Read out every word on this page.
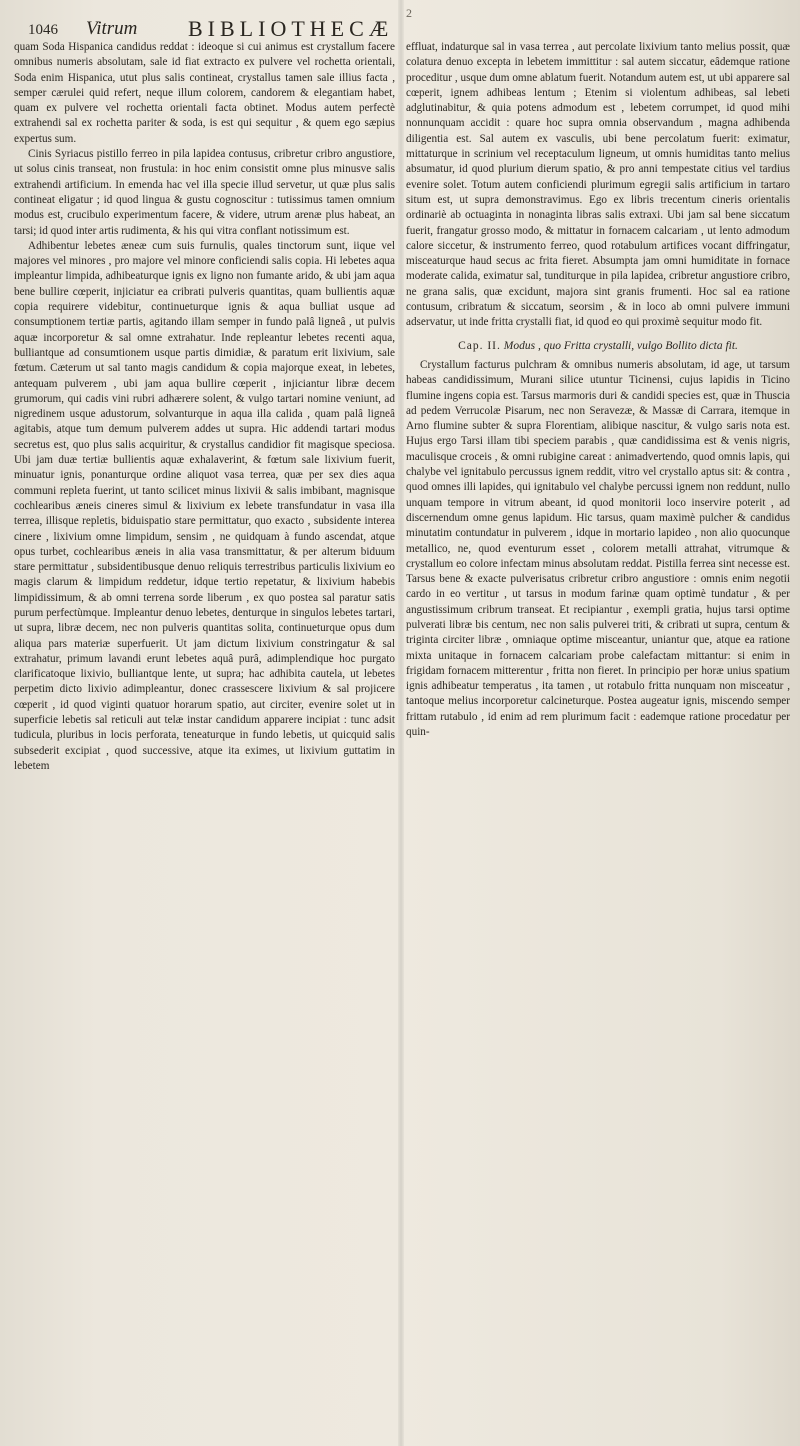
2
1046 Vitrum BIBLIOTHECÆ

quam Soda Hispanica candidus reddat : ideoque si cui animus est crystallum facere omnibus numeris absolutam, sale id fiat extracto ex pulvere vel rochetta orientali, Soda enim Hispanica, utut plus salis contineat, crystallus tamen sale illius facta , semper cærulei quid refert, neque illum colorem, candorem & elegantiam habet, quam ex pulvere vel rochetta orientali facta obtinet. Modus autem perfectè extrahendi sal ex rochetta pariter & soda, is est qui sequitur , & quem ego sæpius expertus sum.

Cinis Syriacus pistillo ferreo in pila lapidea contusus, cribretur cribro angustiore, ut solus cinis transeat, non frustula: in hoc enim consistit omne plus minusve salis extrahendi artificium. In emenda hac vel illa specie illud servetur, ut quæ plus salis contineat eligatur ; id quod lingua & gustu cognoscitur : tutissimus tamen omnium modus est, crucibulo experimentum facere, & videre, utrum arenæ plus habeat, an tarsi; id quod inter artis rudimenta, & his qui vitra conflant notissimum est.

Adhibentur lebetes æneæ cum suis furnulis, quales tinctorum sunt, iique vel majores vel minores , pro majore vel minore conficiendi salis copia. Hi lebetes aqua impleantur limpida, adhibeaturque ignis ex ligno non fumante arido, & ubi jam aqua bene bullire cœperit, injiciatur ea cribrati pulveris quantitas, quam bullientis aquæ copia requirere videbitur, continueturque ignis & aqua bulliat usque ad consumptionem tertiæ partis, agitando illam semper in fundo palâ ligneâ , ut pulvis aquæ incorporetur & sal omne extrahatur. Inde repleantur lebetes recenti aqua, bulliantque ad consumtionem usque partis dimidiæ, & paratum erit lixivium, sale fœtum. Cæterum ut sal tanto magis candidum & copia majorque exeat, in lebetes, antequam pulverem , ubi jam aqua bullire cœperit , injiciantur libræ decem grumorum, qui cadis vini rubri adhærere solent, & vulgo tartari nomine veniunt, ad nigredinem usque adustorum, solvanturque in aqua illa calida , quam palâ ligneâ agitabis, atque tum demum pulverem addes ut supra. Hic addendi tartari modus secretus est, quo plus salis acquiritur, & crystallus candidior fit magisque speciosa. Ubi jam duæ tertiæ bullientis aquæ exhalaverint, & fœtum sale lixivium fuerit, minuatur ignis, ponanturque ordine aliquot vasa terrea, quæ per sex dies aqua communi repleta fuerint, ut tanto scilicet minus lixivii & salis imbibant, magnisque cochlearibus æneis cineres simul & lixivium ex lebete transfundatur in vasa illa terrea, illisque repletis, biduispatio stare permittatur, quo exacto , subsidente interea cinere , lixivium omne limpidum, sensim , ne quidquam à fundo ascendat, atque opus turbet, cochlearibus æneis in alia vasa transmittatur, & per alterum biduum stare permittatur , subsidentibusque denuo reliquis terrestribus particulis lixivium eo magis clarum & limpidum reddetur, idque tertio repetatur, & lixivium habebis limpidissimum, & ab omni terrena sorde liberum , ex quo postea sal paratur satis purum perfectùmque. Impleantur denuo lebetes, denturque in singulos lebetes tartari, ut supra, libræ decem, nec non pulveris quantitas solita, continueturque opus dum aliqua pars materiæ superfuerit. Ut jam dictum lixivium constringatur & sal extrahatur, primum lavandi erunt lebetes aquâ purâ, adimplendique hoc purgato clarificatoque lixivio, bulliantque lente, ut supra; hac adhibita cautela, ut lebetes perpetim dicto lixivio adimpleantur, donec crassescere lixivium & sal projicere cœperit , id quod viginti quatuor horarum spatio, aut circiter, evenire solet ut in superficie lebetis sal reticuli aut telæ instar candidum apparere incipiat : tunc adsit tudicula, pluribus in locis perforata, teneaturque in fundo lebetis, ut quicquid salis subsederit excipiat , quod successive, atque ita eximes, ut lixivium guttatim in lebetem

effluat, indaturque sal in vasa terrea , aut percolate lixivium tanto melius possit, quæ colatura denuo excepta in lebetem immittitur : sal autem siccatur, eâdemque ratione proceditur , usque dum omne ablatum fuerit. Notandum autem est, ut ubi apparere sal cœperit, ignem adhibeas lentum ; Etenim si violentum adhibeas, sal lebeti adglutinabitur, & quia potens admodum est , lebetem corrumpet, id quod mihi nonnunquam accidit : quare hoc supra omnia observandum , magna adhibenda diligentia est. Sal autem ex vasculis, ubi bene percolatum fuerit: eximatur, mittaturque in scrinium vel receptaculum ligneum, ut omnis humiditas tanto melius absumatur, id quod plurium dierum spatio, & pro anni tempestate citius vel tardius evenire solet. Totum autem conficiendi plurimum egregii salis artificium in tartaro situm est, ut supra demonstravimus. Ego ex libris trecentum cineris orientalis ordinariè ab octuaginta in nonaginta libras salis extraxi. Ubi jam sal bene siccatum fuerit, frangatur grosso modo, & mittatur in fornacem calcariam , ut lento admodum calore siccetur, & instrumento ferreo, quod rotabulum artifices vocant diffringatur, misceaturque haud secus ac frita fieret. Absumpta jam omni humiditate in fornace moderate calida, eximatur sal, tunditurque in pila lapidea, cribretur angustiore cribro, ne grana salis, quæ excidunt, majora sint granis frumenti. Hoc sal ea ratione contusum, cribratum & siccatum, seorsim , & in loco ab omni pulvere immuni adservatur, ut inde fritta crystalli fiat, id quod eo qui proximè sequitur modo fit.

Cap. II. Modus , quo Fritta crystalli, vulgo Bollito dicta fit.

Crystallum facturus pulchram & omnibus numeris absolutam, id age, ut tarsum habeas candidissimum, Murani silice utuntur Ticinensi, cujus lapidis in Ticino flumine ingens copia est. Tarsus marmoris duri & candidi species est, quæ in Thuscia ad pedem Verrucolæ Pisarum, nec non Seravezæ, & Massæ di Carrara, itemque in Arno flumine subter & supra Florentiam, alibique nascitur, & vulgo saris nota est. Hujus ergo Tarsi illam tibi speciem parabis , quæ candidissima est & venis nigris, maculisque croceis , & omni rubigine careat : animadvertendo, quod omnis lapis, qui chalybe vel ignitabulo percussus ignem reddit, vitro vel crystallo aptus sit: & contra , quod omnes illi lapides, qui ignitabulo vel chalybe percussi ignem non reddunt, nullo unquam tempore in vitrum abeant, id quod monitorii loco inservire poterit , ad discernendum omne genus lapidum. Hic tarsus, quam maximè pulcher & candidus minutatim contundatur in pulverem , idque in mortario lapideo , non alio quocunque metallico, ne, quod eventurum esset , colorem metalli attrahat, vitrumque & crystallum eo colore infectam minus absolutam reddat. Pistilla ferrea sint necesse est. Tarsus bene & exacte pulverisatus cribretur cribro angustiore : omnis enim negotii cardo in eo vertitur , ut tarsus in modum farinæ quam optimè tundatur , & per angustissimum cribrum transeat. Et recipiantur , exempli gratia, hujus tarsi optime pulverati libræ bis centum, nec non salis pulverei triti, & cribrati ut supra, centum & triginta circiter libræ , omniaque optime misceantur, uniantur que, atque ea ratione mixta unitaque in fornacem calcariam probe calefactam mittantur: si enim in frigidam fornacem mitterentur , fritta non fieret. In principio per horæ unius spatium ignis adhibeatur temperatus , ita tamen , ut rotabulo fritta nunquam non misceatur , tantoque melius incorporetur calcineturque. Postea augeatur ignis, miscendo semper frittam rutabulo , id enim ad rem plurimum facit : eademque ratione procedatur per quin-
